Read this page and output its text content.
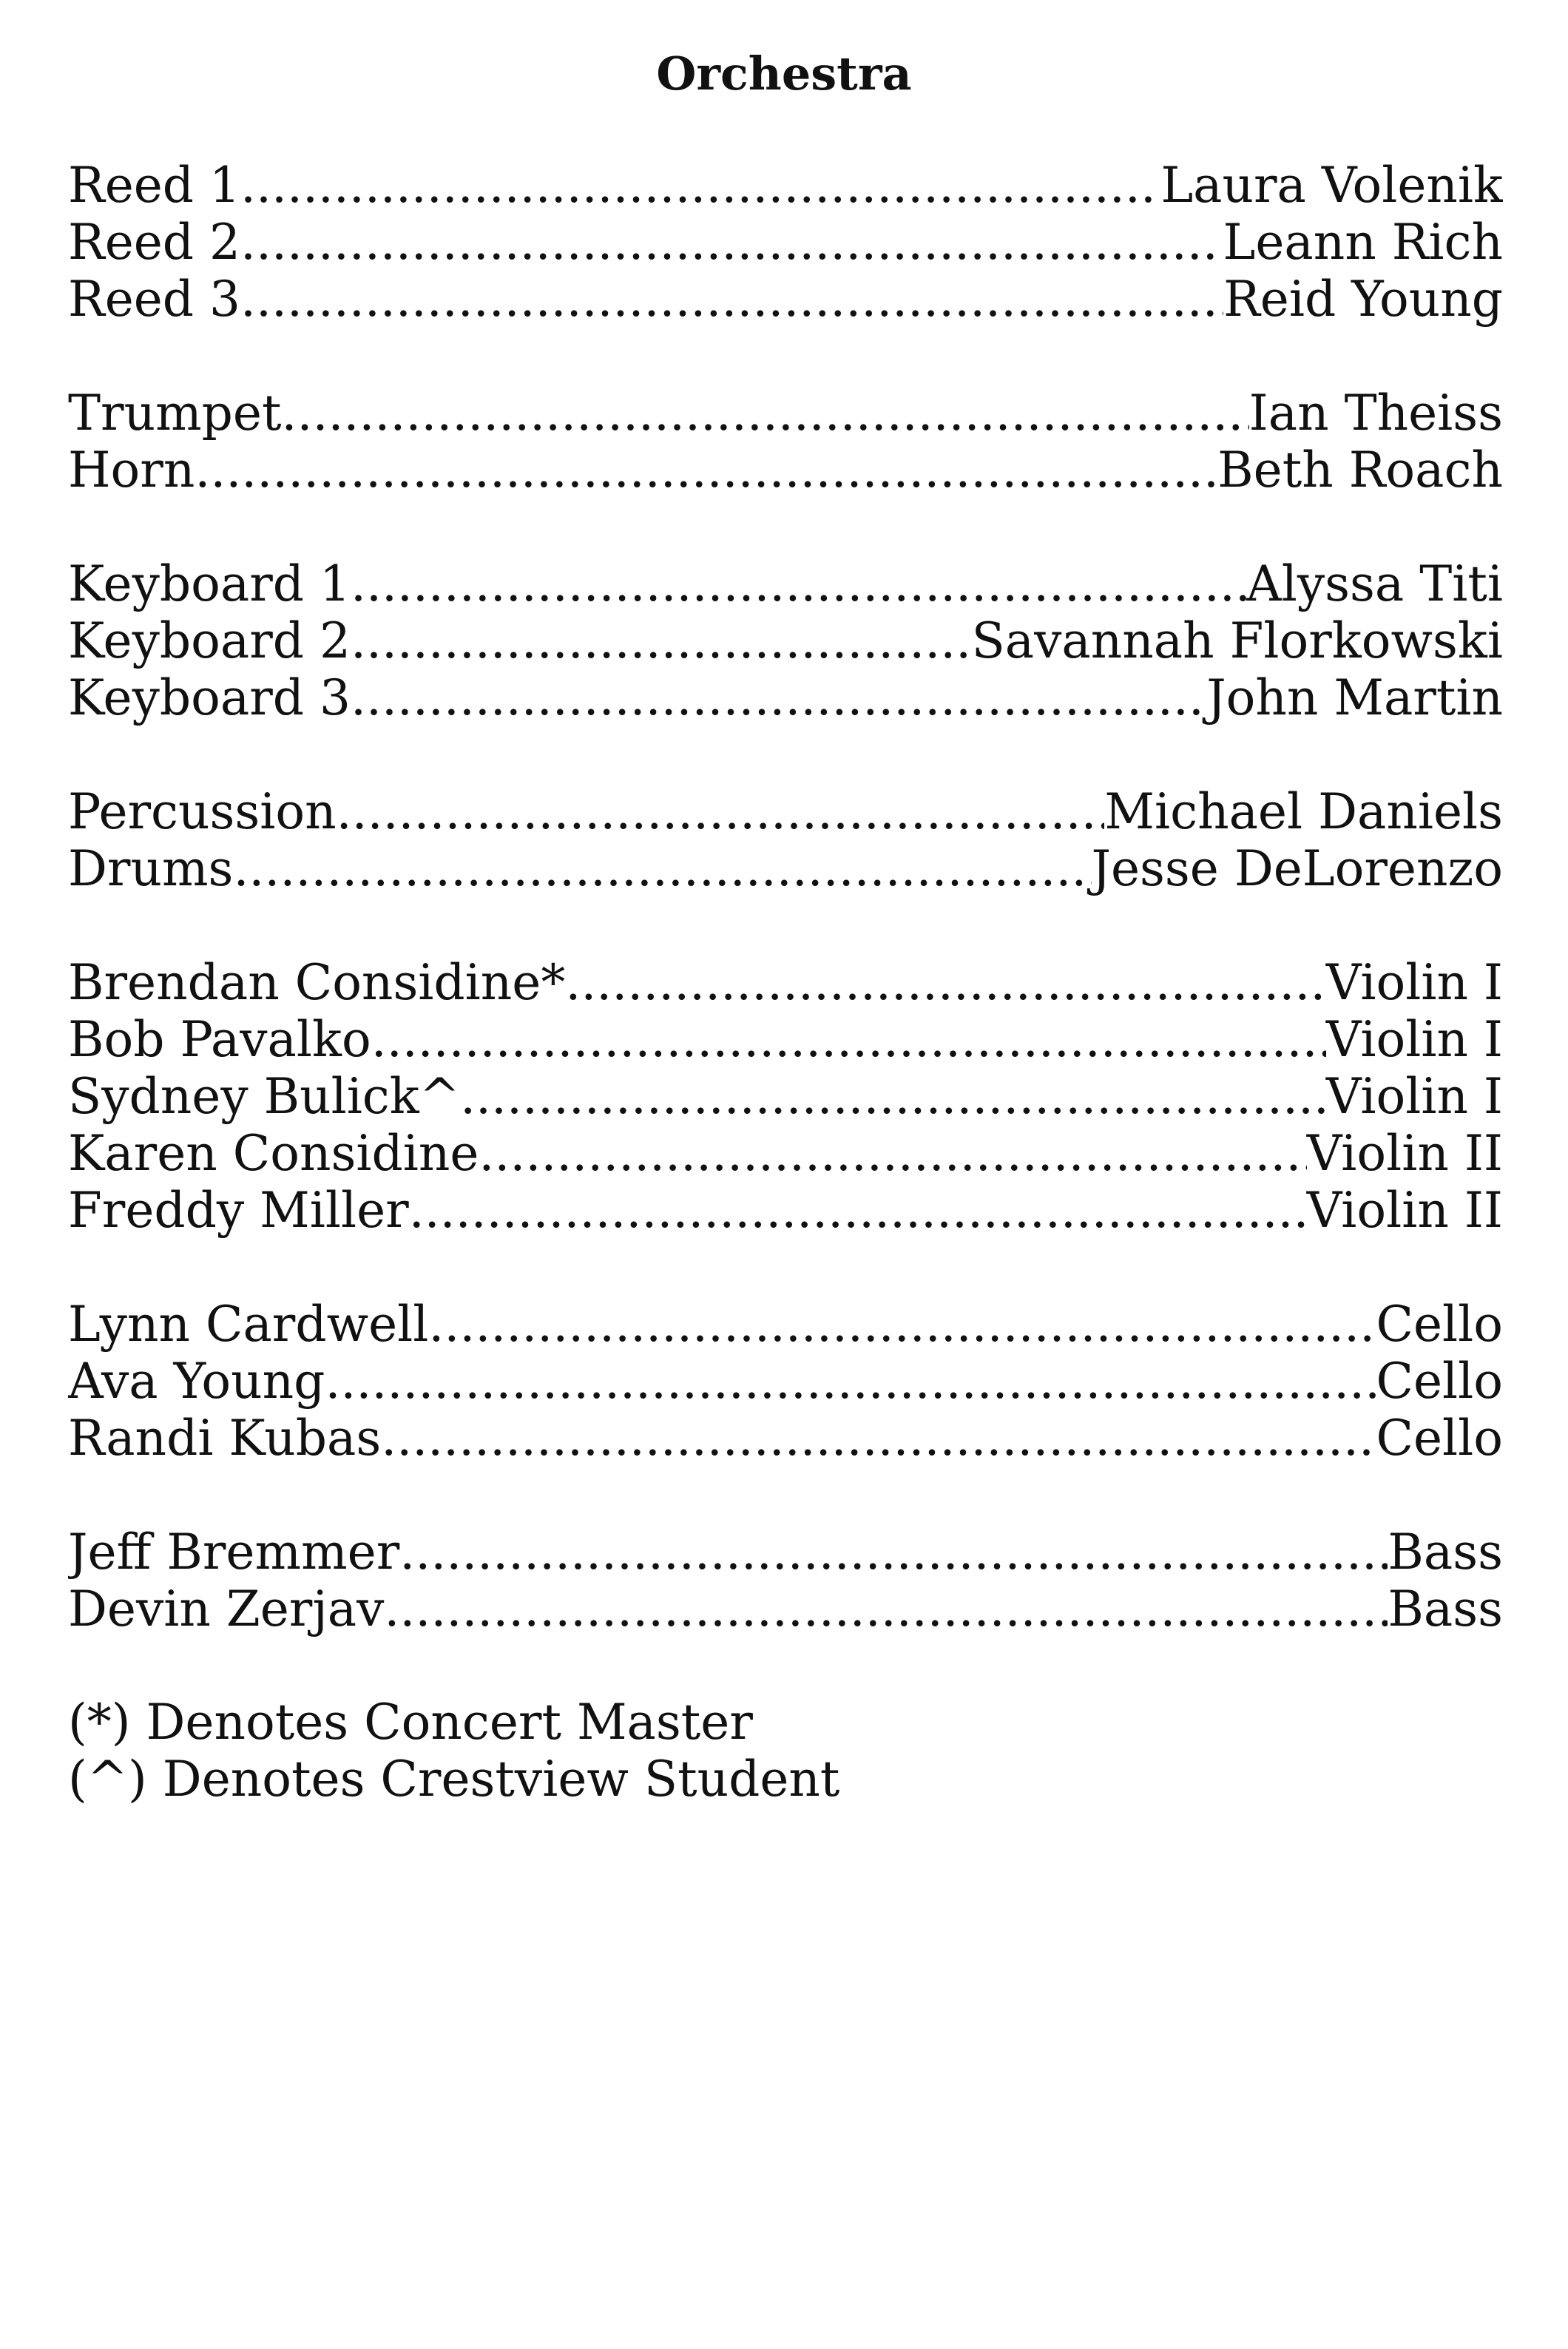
Orchestra
Reed 1 .....	Laura Volenik
Reed 2 .....	Leann Rich
Reed 3 .....	Reid Young
Trumpet .....	Ian Theiss
Horn .....	Beth Roach
Keyboard 1 .....	Alyssa Titi
Keyboard 2 .....	Savannah Florkowski
Keyboard 3 .....	John Martin
Percussion .....	Michael Daniels
Drums .....	Jesse DeLorenzo
Brendan Considine* .....	Violin I
Bob Pavalko .....	Violin I
Sydney Bulick^ .....	Violin I
Karen Considine .....	Violin II
Freddy Miller .....	Violin II
Lynn Cardwell .....	Cello
Ava Young .....	Cello
Randi Kubas .....	Cello
Jeff Bremmer .....	Bass
Devin Zerjav .....	Bass
(*) Denotes Concert Master
(^) Denotes Crestview Student
